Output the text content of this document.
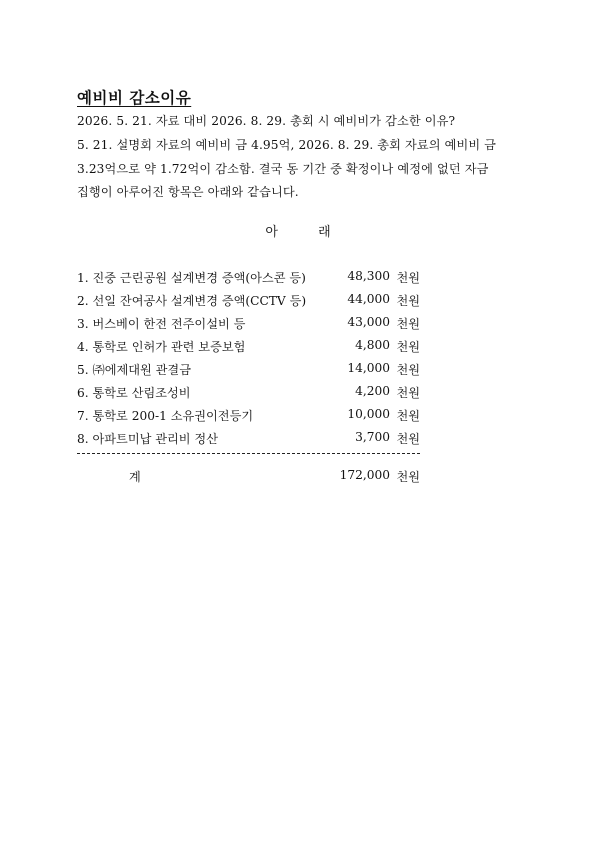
예비비 감소이유
2026. 5. 21. 자료 대비 2026. 8. 29. 총회 시 예비비가 감소한 이유?
5. 21. 설명회 자료의 예비비 금 4.95억, 2026. 8. 29. 총회 자료의 예비비 금
3.23억으로 약 1.72억이 감소함. 결국 동 기간 중 확정이나 예정에 없던 자금
집행이 아루어진 항목은 아래와 같습니다.
아 래
1. 진중 근린공원 설계변경 증액(아스콘 등)	48,300 천원
2. 선일 잔여공사 설계변경 증액(CCTV 등)	44,000 천원
3. 버스베이 한전 전주이설비 등	43,000 천원
4. 통학로 인허가 관련 보증보험	4,800 천원
5. ㈜에제대원 관결금	14,000 천원
6. 통학로 산림조성비	4,200 천원
7. 통학로 200-1 소유권이전등기	10,000 천원
8. 아파트미납 관리비 정산	3,700 천원
계	172,000 천원
